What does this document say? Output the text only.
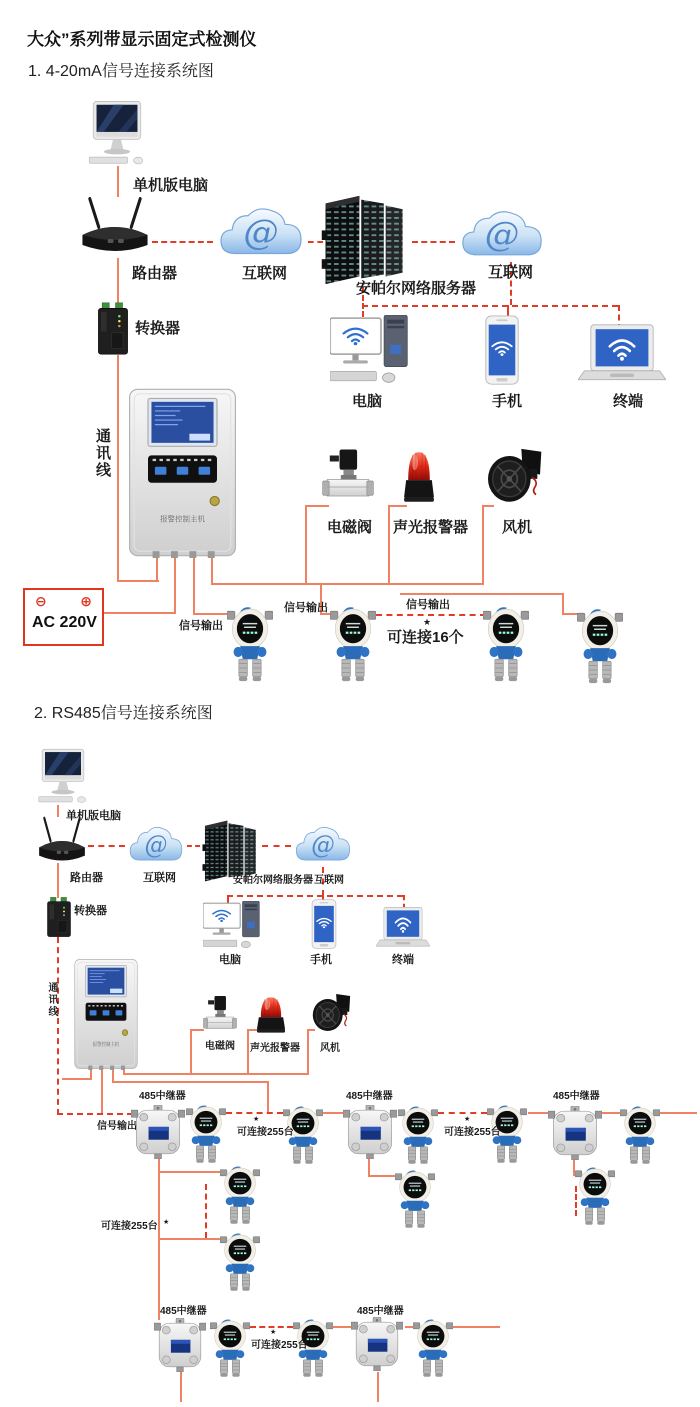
大众”系列带显示固定式检测仪
1. 4-20mA信号连接系统图
2. RS485信号连接系统图
⊖ ⊕
AC 220V
单机版电脑
路由器	互联网
安帕尔网络服务器
互联网
转换器
电脑	手机	终端
通讯线
电磁阀 声光报警器 风机
信号输出
信号输出	信号输出
★
可连接16个
单机版电脑
路由器	互联网	安帕尔网络服务器 互联网
转换器
电脑	手机	终端
通讯线
电磁阀 声光报警器 风机
信号输出
485中继器	485中继器	485中继器
485中继器	485中继器
★
可连接255台
★
可连接255台
可连接255台 ★
★
可连接255台
